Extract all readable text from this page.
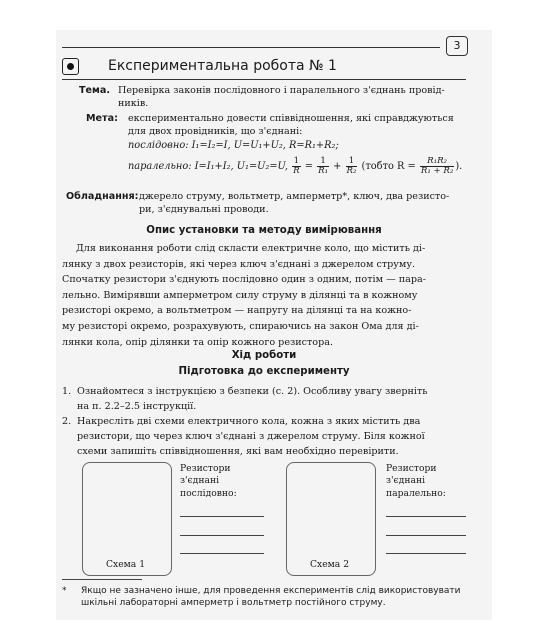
3
Експериментальна робота № 1
Тема. Перевірка законів послідовного і паралельного з'єднань провід-
ників.
Мета: експериментально довести співвідношення, які справджуються
для двох провідників, що з'єднані:
послідовно: I₁=I₂=I, U=U₁+U₂, R=R₁+R₂;
паралельно: I=I₁+I₂, U₁=U₂=U, $\frac{1}{R} = \frac{1}{\text{R₁}} + \frac{1}{\text{R₂}}$ (тобто $R = \frac{\text{R₁R₂}}{\text{R₁ + R₂}}$ ).
Обладнання: джерело струму, вольтметр, амперметр*, ключ, два резисто-
ри, з'єднувальні проводи.
Опис установки та методу вимірювання
Для виконання роботи слід скласти електричне коло, що містить ді-
лянку з двох резисторів, які через ключ з'єднані з джерелом струму.
Спочатку резистори з'єднують послідовно один з одним, потім — пара-
лельно. Вимірявши амперметром силу струму в ділянці та в кожному
резисторі окремо, а вольтметром — напругу на ділянці та на кожно-
му резисторі окремо, розрахувують, спираючись на закон Ома для ді-
лянки кола, опір ділянки та опір кожного резистора.
Хід роботи
Підготовка до експерименту
1. Ознайомтеся з інструкцією з безпеки (с. 2). Особливу увагу зверніть
на п. 2.2–2.5 інструкції.
2. Накресліть дві схеми електричного кола, кожна з яких містить два
резистори, що через ключ з'єднані з джерелом струму. Біля кожної
схеми запишіть співвідношення, які вам необхідно перевірити.
Схема 1
Резистори
з'єднані
послідовно:
Схема 2
Резистори
з'єднані
паралельно:
* Якщо не зазначено інше, для проведення експериментів слід використовувати
шкільні лабораторні амперметр і вольтметр постійного струму.
